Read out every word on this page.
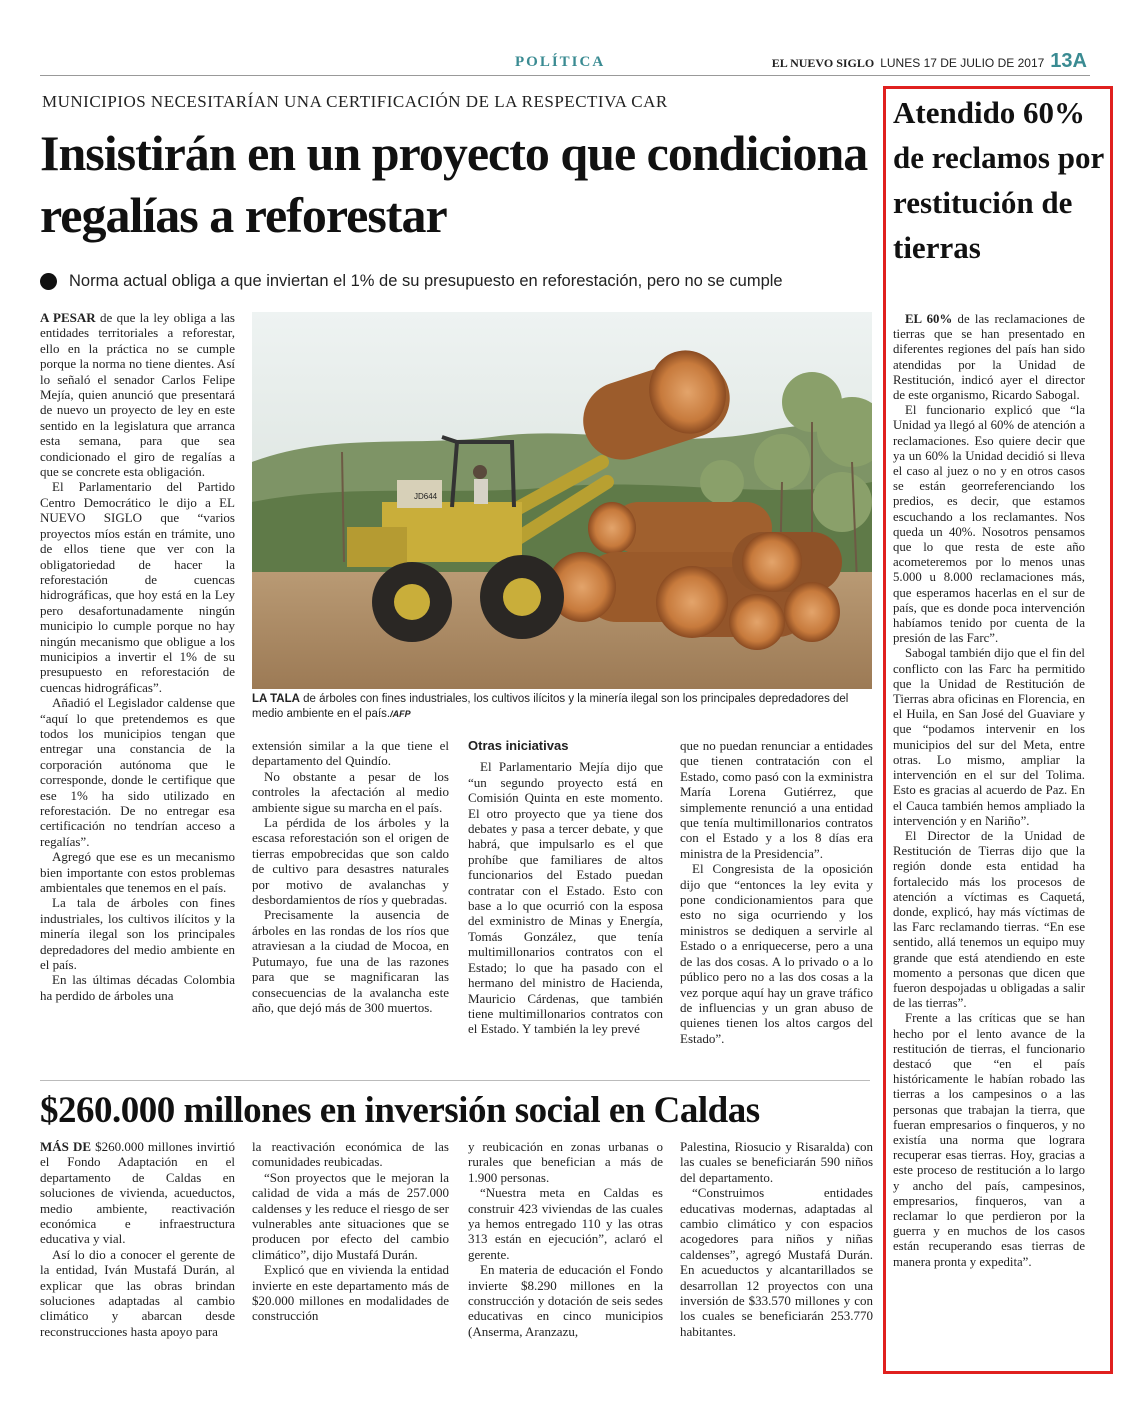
POLÍTICA	EL NUEVO SIGLO LUNES 17 DE JULIO DE 2017 13A
MUNICIPIOS NECESITARÍAN UNA CERTIFICACIÓN DE LA RESPECTIVA CAR
Insistirán en un proyecto que condiciona regalías a reforestar
Norma actual obliga a que inviertan el 1% de su presupuesto en reforestación, pero no se cumple

A PESAR de que la ley obliga a las entidades territoriales a reforestar, ello en la práctica no se cumple porque la norma no tiene dientes. Así lo señaló el senador Carlos Felipe Mejía, quien anunció que presentará de nuevo un proyecto de ley en este sentido en la legislatura que arranca esta semana, para que sea condicionado el giro de regalías a que se concrete esta obligación.

El Parlamentario del Partido Centro Democrático le dijo a EL NUEVO SIGLO que “varios proyectos míos están en trámite, uno de ellos tiene que ver con la obligatoriedad de hacer la reforestación de cuencas hidrográficas, que hoy está en la Ley pero desafortunadamente ningún municipio lo cumple porque no hay ningún mecanismo que obligue a los municipios a invertir el 1% de su presupuesto en reforestación de cuencas hidrográficas”.

Añadió el Legislador caldense que “aquí lo que pretendemos es que todos los municipios tengan que entregar una constancia de la corporación autónoma que le corresponde, donde le certifique que ese 1% ha sido utilizado en reforestación. De no entregar esa certificación no tendrían acceso a regalías”.

Agregó que ese es un mecanismo bien importante con estos problemas ambientales que tenemos en el país.

La tala de árboles con fines industriales, los cultivos ilícitos y la minería ilegal son los principales depredadores del medio ambiente en el país.

En las últimas décadas Colombia ha perdido de árboles una

JD644
LA TALA de árboles con fines industriales, los cultivos ilícitos y la minería ilegal son los principales depredadores del medio ambiente en el país./AFP

extensión similar a la que tiene el departamento del Quindío.

No obstante a pesar de los controles la afectación al medio ambiente sigue su marcha en el país.

La pérdida de los árboles y la escasa reforestación son el origen de tierras empobrecidas que son caldo de cultivo para desastres naturales por motivo de avalanchas y desbordamientos de ríos y quebradas.

Precisamente la ausencia de árboles en las rondas de los ríos que atraviesan a la ciudad de Mocoa, en Putumayo, fue una de las razones para que se magnificaran las consecuencias de la avalancha este año, que dejó más de 300 muertos.

Otras iniciativas

El Parlamentario Mejía dijo que “un segundo proyecto está en Comisión Quinta en este momento. El otro proyecto que ya tiene dos debates y pasa a tercer debate, y que habrá, que impulsarlo es el que prohíbe que familiares de altos funcionarios del Estado puedan contratar con el Estado. Esto con base a lo que ocurrió con la esposa del exministro de Minas y Energía, Tomás González, que tenía multimillonarios contratos con el Estado; lo que ha pasado con el hermano del ministro de Hacienda, Mauricio Cárdenas, que también tiene multimillonarios contratos con el Estado. Y también la ley prevé

que no puedan renunciar a entidades que tienen contratación con el Estado, como pasó con la exministra María Lorena Gutiérrez, que simplemente renunció a una entidad que tenía multimillonarios contratos con el Estado y a los 8 días era ministra de la Presidencia”.

El Congresista de la oposición dijo que “entonces la ley evita y pone condicionamientos para que esto no siga ocurriendo y los ministros se dediquen a servirle al Estado o a enriquecerse, pero a una de las dos cosas. A lo privado o a lo público pero no a las dos cosas a la vez porque aquí hay un grave tráfico de influencias y un gran abuso de quienes tienen los altos cargos del Estado”.

$260.000 millones en inversión social en Caldas

MÁS DE $260.000 millones invirtió el Fondo Adaptación en el departamento de Caldas en soluciones de vivienda, acueductos, medio ambiente, reactivación económica e infraestructura educativa y vial.

Así lo dio a conocer el gerente de la entidad, Iván Mustafá Durán, al explicar que las obras brindan soluciones adaptadas al cambio climático y abarcan desde reconstrucciones hasta apoyo para

la reactivación económica de las comunidades reubicadas.

“Son proyectos que le mejoran la calidad de vida a más de 257.000 caldenses y les reduce el riesgo de ser vulnerables ante situaciones que se producen por efecto del cambio climático”, dijo Mustafá Durán.

Explicó que en vivienda la entidad invierte en este departamento más de $20.000 millones en modalidades de construcción

y reubicación en zonas urbanas o rurales que benefician a más de 1.900 personas.

“Nuestra meta en Caldas es construir 423 viviendas de las cuales ya hemos entregado 110 y las otras 313 están en ejecución”, aclaró el gerente.

En materia de educación el Fondo invierte $8.290 millones en la construcción y dotación de seis sedes educativas en cinco municipios (Anserma, Aranzazu,

Palestina, Riosucio y Risaralda) con las cuales se beneficiarán 590 niños del departamento.

“Construimos entidades educativas modernas, adaptadas al cambio climático y con espacios acogedores para niños y niñas caldenses”, agregó Mustafá Durán. En acueductos y alcantarillados se desarrollan 12 proyectos con una inversión de $33.570 millones y con los cuales se beneficiarán 253.770 habitantes.

Atendido 60% de reclamos por restitución de tierras

EL 60% de las reclamaciones de tierras que se han presentado en diferentes regiones del país han sido atendidas por la Unidad de Restitución, indicó ayer el director de este organismo, Ricardo Sabogal.

El funcionario explicó que “la Unidad ya llegó al 60% de atención a reclamaciones. Eso quiere decir que ya un 60% la Unidad decidió si lleva el caso al juez o no y en otros casos se están georreferenciando los predios, es decir, que estamos escuchando a los reclamantes. Nos queda un 40%. Nosotros pensamos que lo que resta de este año acometeremos por lo menos unas 5.000 u 8.000 reclamaciones más, que esperamos hacerlas en el sur de país, que es donde poca intervención habíamos tenido por cuenta de la presión de las Farc”.

Sabogal también dijo que el fin del conflicto con las Farc ha permitido que la Unidad de Restitución de Tierras abra oficinas en Florencia, en el Huila, en San José del Guaviare y que “podamos intervenir en los municipios del sur del Meta, entre otras. Lo mismo, ampliar la intervención en el sur del Tolima. Esto es gracias al acuerdo de Paz. En el Cauca también hemos ampliado la intervención y en Nariño”.

El Director de la Unidad de Restitución de Tierras dijo que la región donde esta entidad ha fortalecido más los procesos de atención a víctimas es Caquetá, donde, explicó, hay más víctimas de las Farc reclamando tierras. “En ese sentido, allá tenemos un equipo muy grande que está atendiendo en este momento a personas que dicen que fueron despojadas u obligadas a salir de las tierras”.

Frente a las críticas que se han hecho por el lento avance de la restitución de tierras, el funcionario destacó que “en el país históricamente le habían robado las tierras a los campesinos o a las personas que trabajan la tierra, que fueran empresarios o finqueros, y no existía una norma que lograra recuperar esas tierras. Hoy, gracias a este proceso de restitución a lo largo y ancho del país, campesinos, empresarios, finqueros, van a reclamar lo que perdieron por la guerra y en muchos de los casos están recuperando esas tierras de manera pronta y expedita”.
